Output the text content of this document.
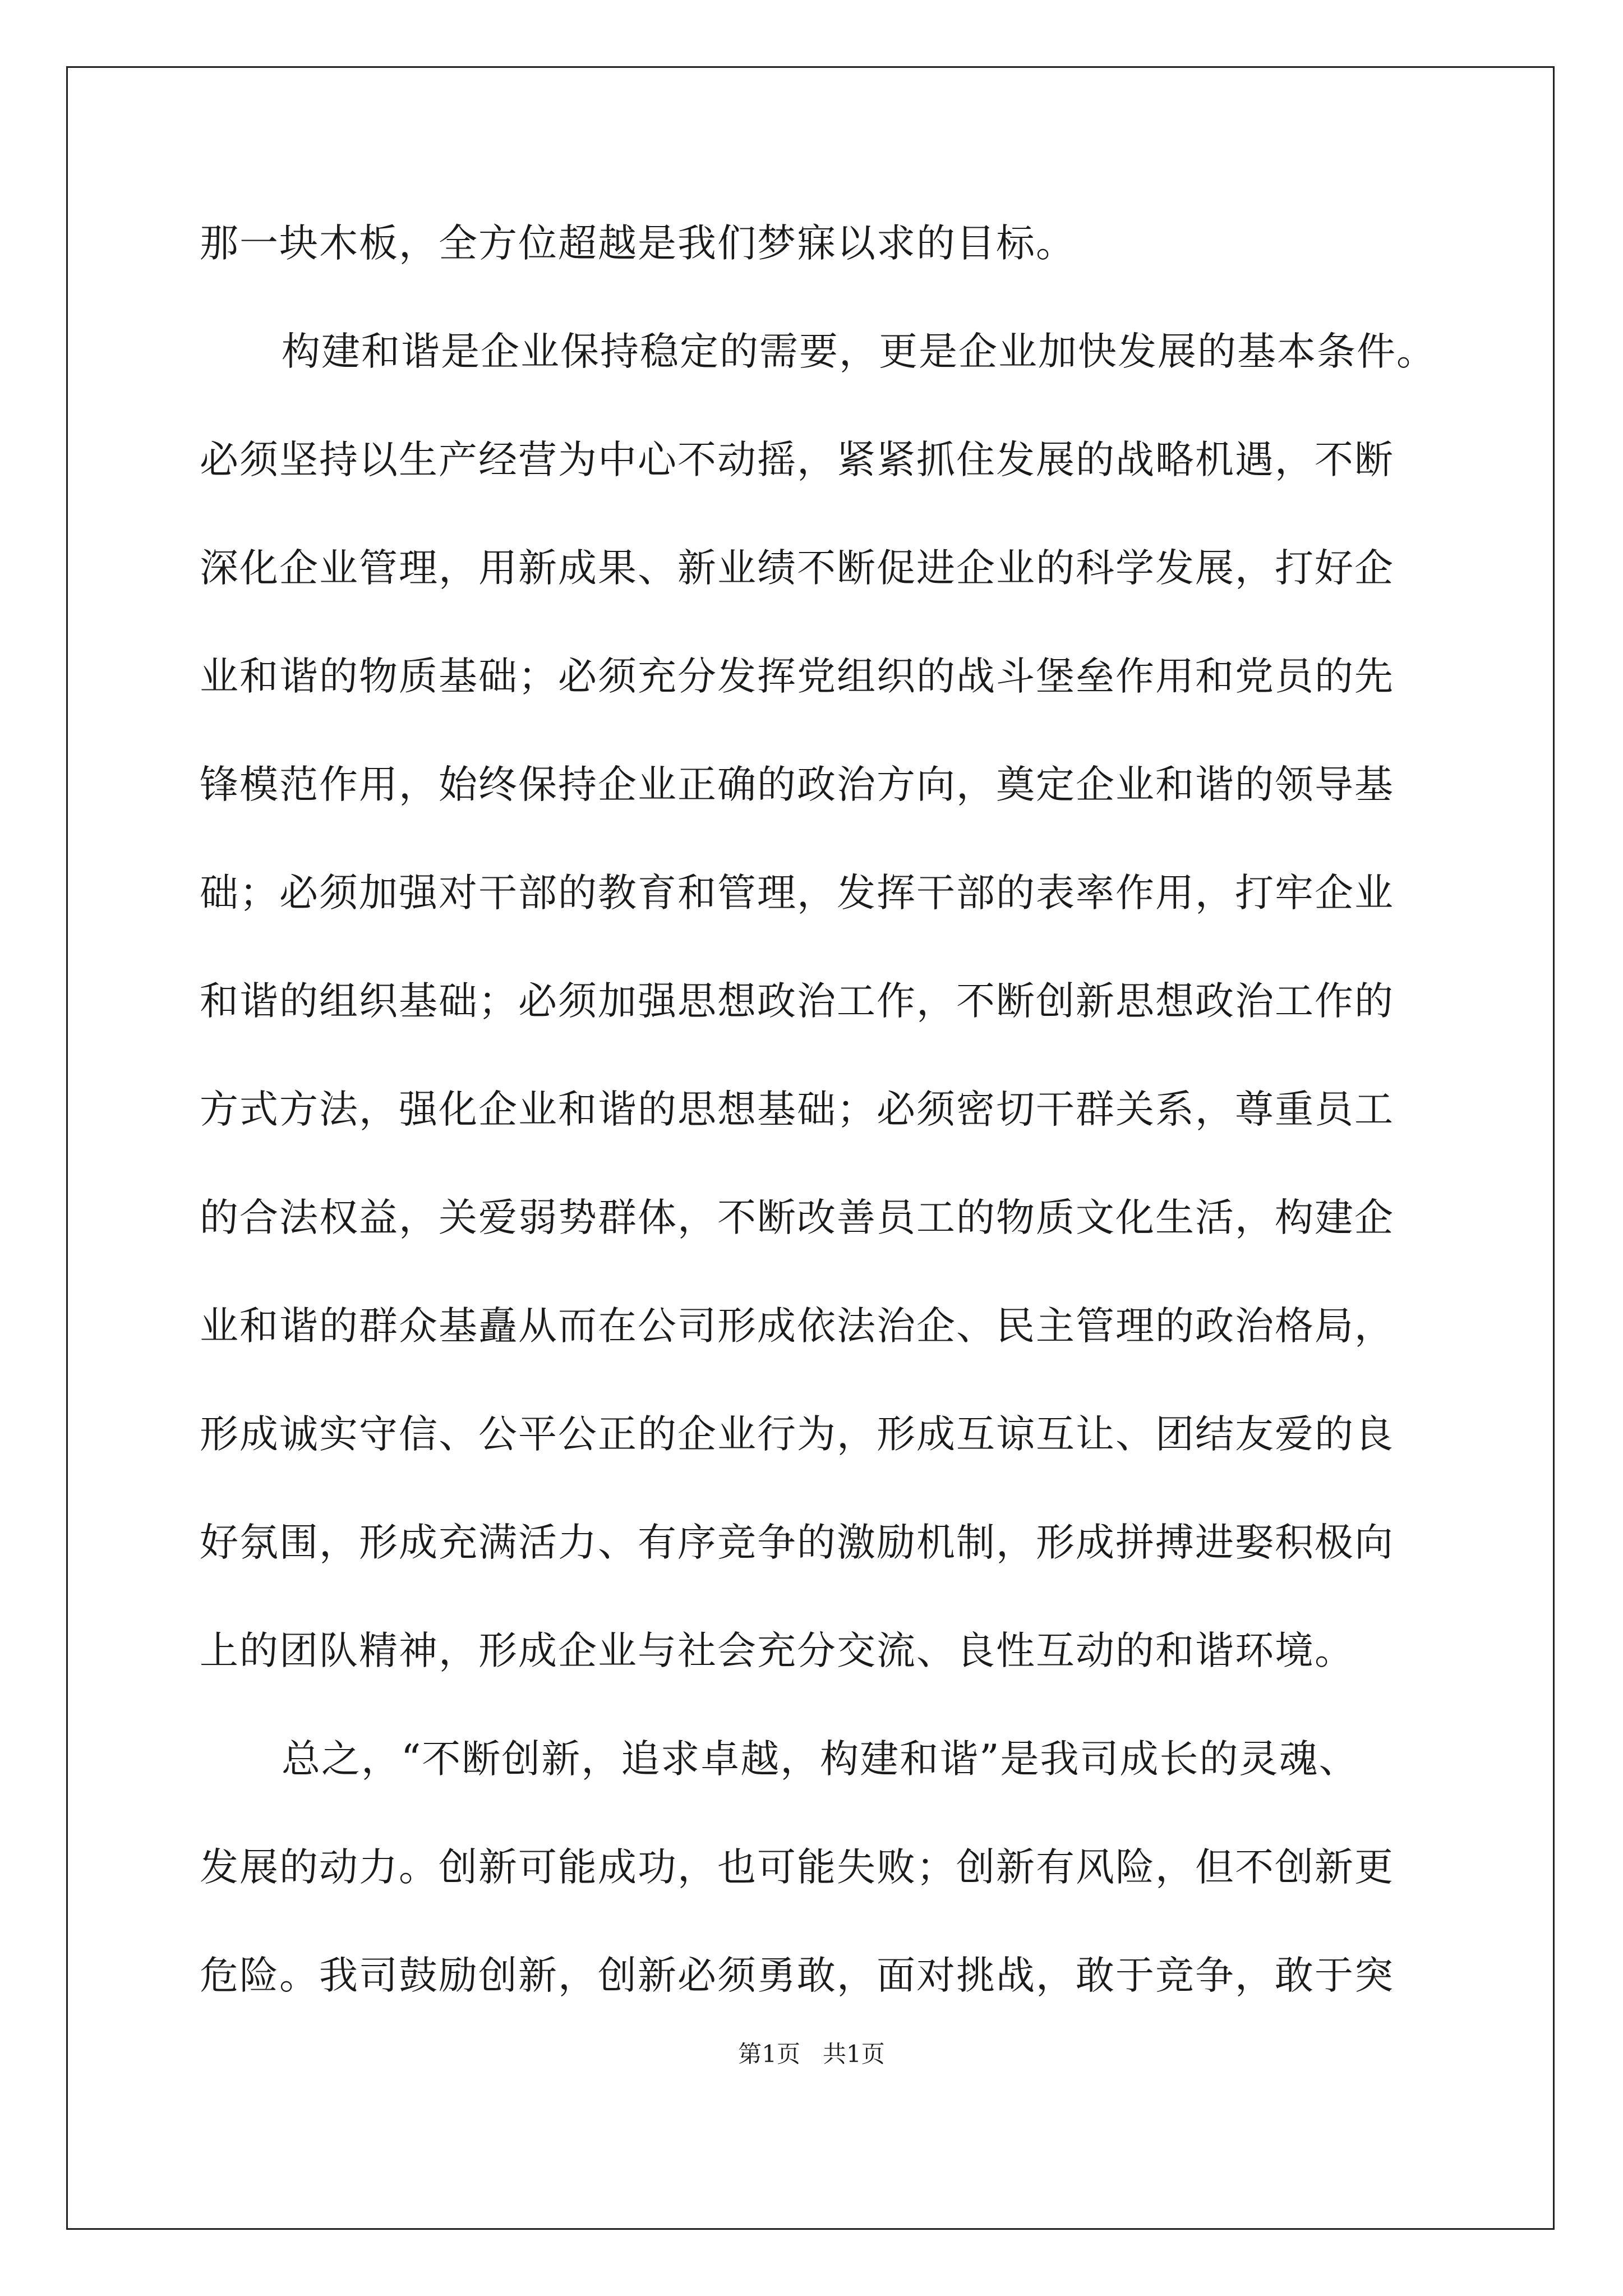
那一块木板，全方位超越是我们梦寐以求的目标。
构建和谐是企业保持稳定的需要，更是企业加快发展的基本条件。
必须坚持以生产经营为中心不动摇，紧紧抓住发展的战略机遇，不断
深化企业管理，用新成果、新业绩不断促进企业的科学发展，打好企
业和谐的物质基础；必须充分发挥党组织的战斗堡垒作用和党员的先
锋模范作用，始终保持企业正确的政治方向，奠定企业和谐的领导基
础；必须加强对干部的教育和管理，发挥干部的表率作用，打牢企业
和谐的组织基础；必须加强思想政治工作，不断创新思想政治工作的
方式方法，强化企业和谐的思想基础；必须密切干群关系，尊重员工
的合法权益，关爱弱势群体，不断改善员工的物质文化生活，构建企
业和谐的群众基矗从而在公司形成依法治企、民主管理的政治格局，
形成诚实守信、公平公正的企业行为，形成互谅互让、团结友爱的良
好氛围，形成充满活力、有序竞争的激励机制，形成拼搏进娶积极向
上的团队精神，形成企业与社会充分交流、良性互动的和谐环境。
总之，“不断创新，追求卓越，构建和谐”是我司成长的灵魂、
发展的动力。创新可能成功，也可能失败；创新有风险，但不创新更
危险。我司鼓励创新，创新必须勇敢，面对挑战，敢于竞争，敢于突
第1页   共1页
